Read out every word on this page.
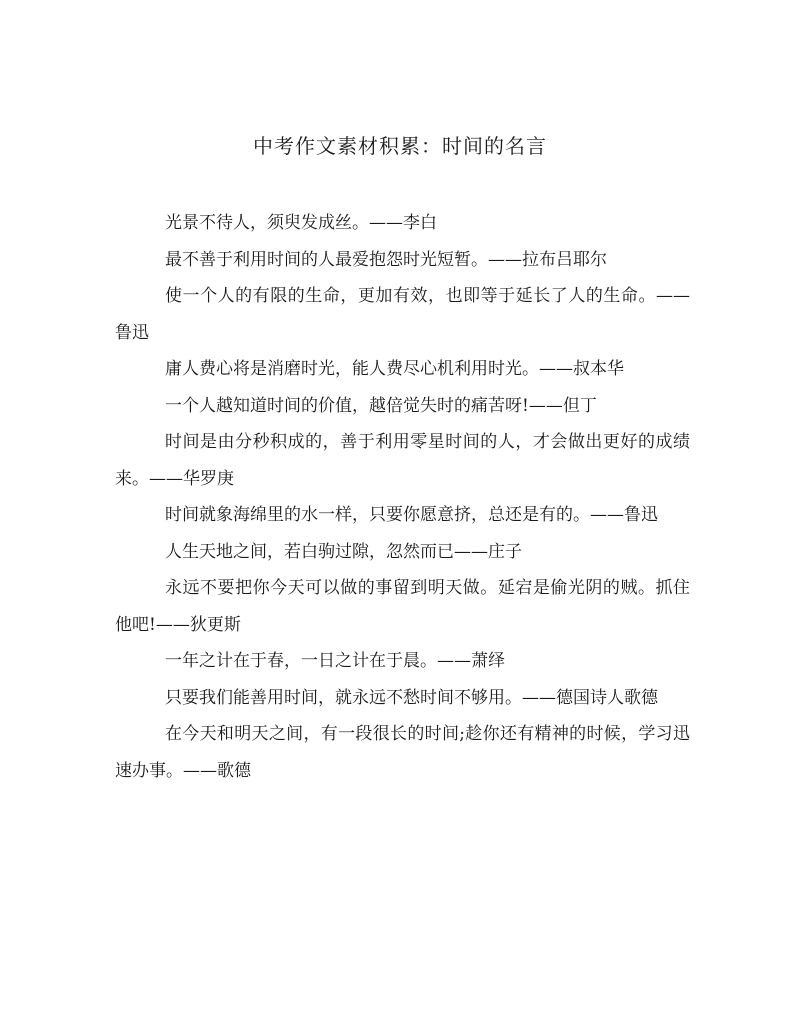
中考作文素材积累：时间的名言

光景不待人，须臾发成丝。——李白

最不善于利用时间的人最爱抱怨时光短暂。——拉布吕耶尔

使一个人的有限的生命，更加有效，也即等于延长了人的生命。——鲁迅

庸人费心将是消磨时光，能人费尽心机利用时光。——叔本华

一个人越知道时间的价值，越倍觉失时的痛苦呀!——但丁

时间是由分秒积成的，善于利用零星时间的人，才会做出更好的成绩来。——华罗庚

时间就象海绵里的水一样，只要你愿意挤，总还是有的。——鲁迅

人生天地之间，若白驹过隙，忽然而已——庄子

永远不要把你今天可以做的事留到明天做。延宕是偷光阴的贼。抓住他吧!——狄更斯

一年之计在于春，一日之计在于晨。——萧绎

只要我们能善用时间，就永远不愁时间不够用。——德国诗人歌德

在今天和明天之间，有一段很长的时间;趁你还有精神的时候，学习迅速办事。——歌德
